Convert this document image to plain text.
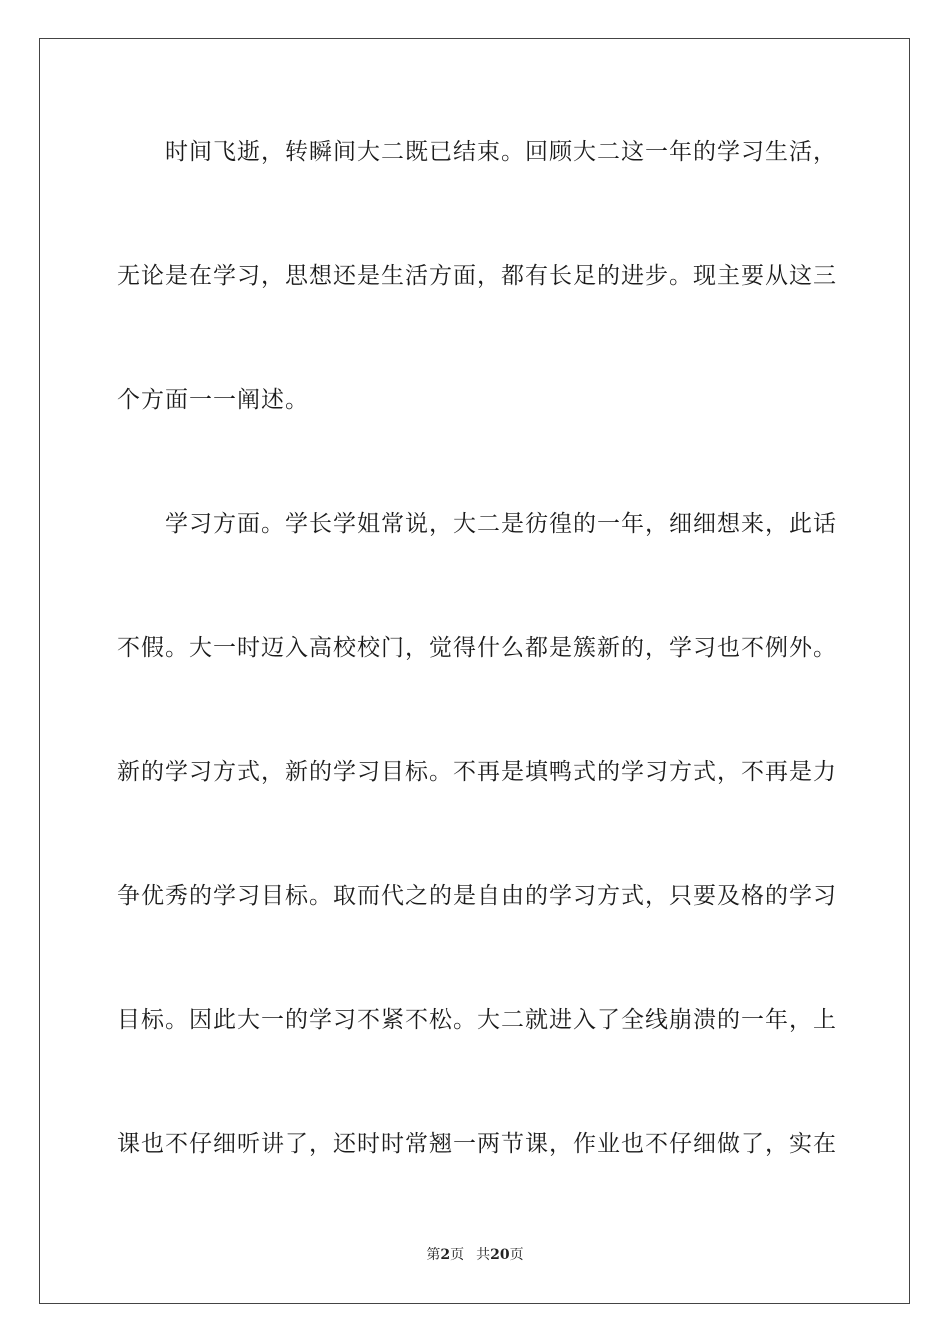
时间飞逝，转瞬间大二既已结束。回顾大二这一年的学习生活，
无论是在学习，思想还是生活方面，都有长足的进步。现主要从这三
个方面一一阐述。
学习方面。学长学姐常说，大二是彷徨的一年，细细想来，此话
不假。大一时迈入高校校门，觉得什么都是簇新的，学习也不例外。
新的学习方式，新的学习目标。不再是填鸭式的学习方式，不再是力
争优秀的学习目标。取而代之的是自由的学习方式，只要及格的学习
目标。因此大一的学习不紧不松。大二就进入了全线崩溃的一年，上
课也不仔细听讲了，还时时常翘一两节课，作业也不仔细做了，实在
第2页 共20页
